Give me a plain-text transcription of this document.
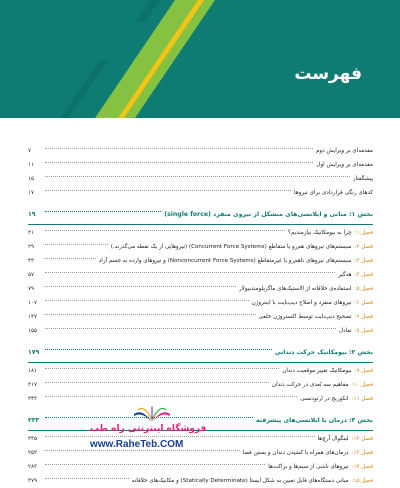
فهرست
مقدمه‌ای بر ویرایش دوم
۷
مقدمه‌ای بر ویرایش اول
۱۱
پیشگفتار
۱۵
کدهای رنگی قراردادی برای نیروها
۱۷
بخش ۱: مبانی و ایلانسی‌های متشکل از نیروی منفرد (single force)
۱۹
فصل ۱:
چرا به بیومکانیک نیازمندیم؟
۲۱
فصل ۲:
سیستم‌های نیروهای هم‌رو یا متقاطع (Concurrent Force Systems) (نیروهایی از یک نقطه می‌گذرند.)
۲۹
فصل ۳:
سیستم‌های نیروهای ناهم‌رو یا غیرمتقاطع (Nonconcurrent Force Systems) و نیروهای وارده به جسم آزاد
۴۳
فصل ۴:
هدگیر
۵۷
فصل ۵:
استفاده‌ی خلاقانه از الاستیک‌های ماگزیلومندیبولار
۷۹
فصل ۶:
نیروهای منفرد و اصلاح دیپ‌بایت با اینتروژن
۱۰۷
فصل ۷:
تصحیح دیپ‌بایت توسط اکستروژن خلفی
۱۳۷
فصل ۸:
تعادل
۱۵۵
بخش ۲: بیومکانیک حرکت دندانی
۱۷۹
فصل ۹:
بیومکانیک تغییر موقعیت دندان
۱۸۱
فصل ۱۰:
مفاهیم سه بُعدی در حرکت دندان
۲۱۷
فصل ۱۱:
انکوریج در ارتودنسی
۲۴۳
بخش ۳: درمان با ایلانسی‌های پیشرفته
۲۳۳
فصل ۱۲:
لینگوال آرچ‌ها
۲۳۵
فصل ۱۳:
درمان‌های همراه با کشیدن دندان و بستن فضا
۲۵۳
فصل ۱۴:
نیروهای ناشی از سیم‌ها و براکت‌ها
۲۸۳
فصل ۱۵:
مبانی دستگاه‌های قابل تعیین به شکل ایستا (Statically Determinate) و مکانیک‌های خلاقانه
۳۷۹
فروشگاه اینترنتی راه طب
www.RaheTeb.COM
